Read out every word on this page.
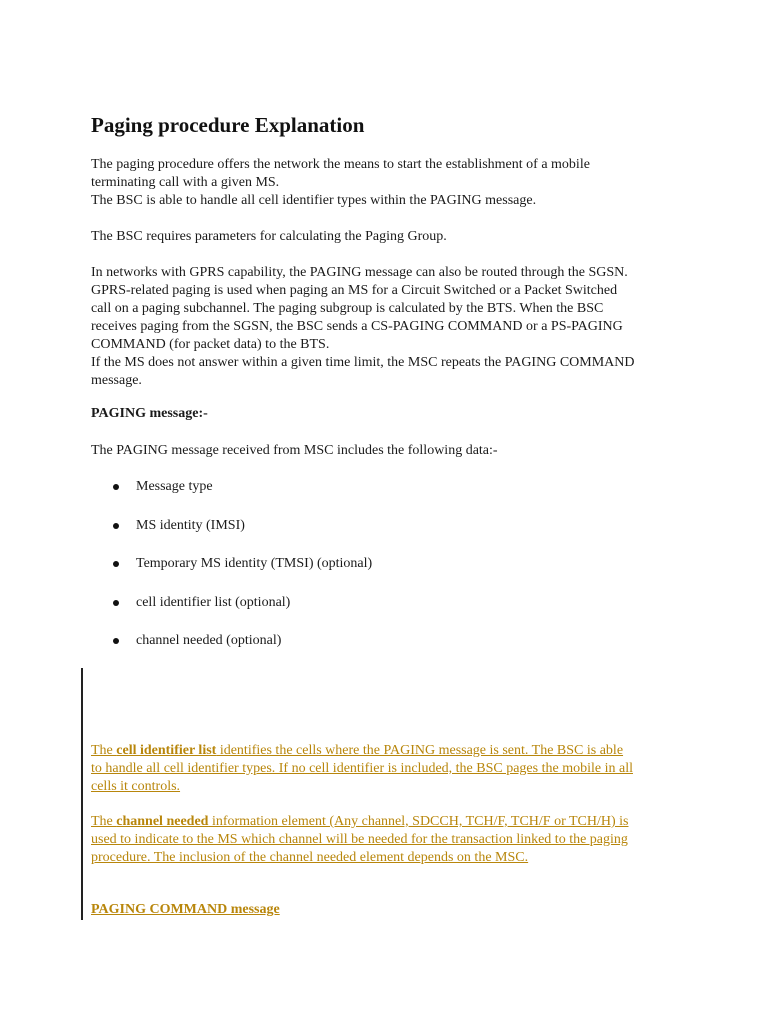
Paging procedure Explanation

The paging procedure offers the network the means to start the establishment of a mobile
terminating call with a given MS.
The BSC is able to handle all cell identifier types within the PAGING message.

The BSC requires parameters for calculating the Paging Group.

In networks with GPRS capability, the PAGING message can also be routed through the SGSN.
GPRS-related paging is used when paging an MS for a Circuit Switched or a Packet Switched
call on a paging subchannel. The paging subgroup is calculated by the BTS. When the BSC
receives paging from the SGSN, the BSC sends a CS-PAGING COMMAND or a PS-PAGING
COMMAND (for packet data) to the BTS.
If the MS does not answer within a given time limit, the MSC repeats the PAGING COMMAND
message.

PAGING message:-

The PAGING message received from MSC includes the following data:-

Message type
MS identity (IMSI)
Temporary MS identity (TMSI) (optional)
cell identifier list (optional)
channel needed (optional)

The cell identifier list identifies the cells where the PAGING message is sent. The BSC is able
to handle all cell identifier types. If no cell identifier is included, the BSC pages the mobile in all
cells it controls.

The channel needed information element (Any channel, SDCCH, TCH/F, TCH/F or TCH/H) is
used to indicate to the MS which channel will be needed for the transaction linked to the paging
procedure. The inclusion of the channel needed element depends on the MSC.

PAGING COMMAND message
